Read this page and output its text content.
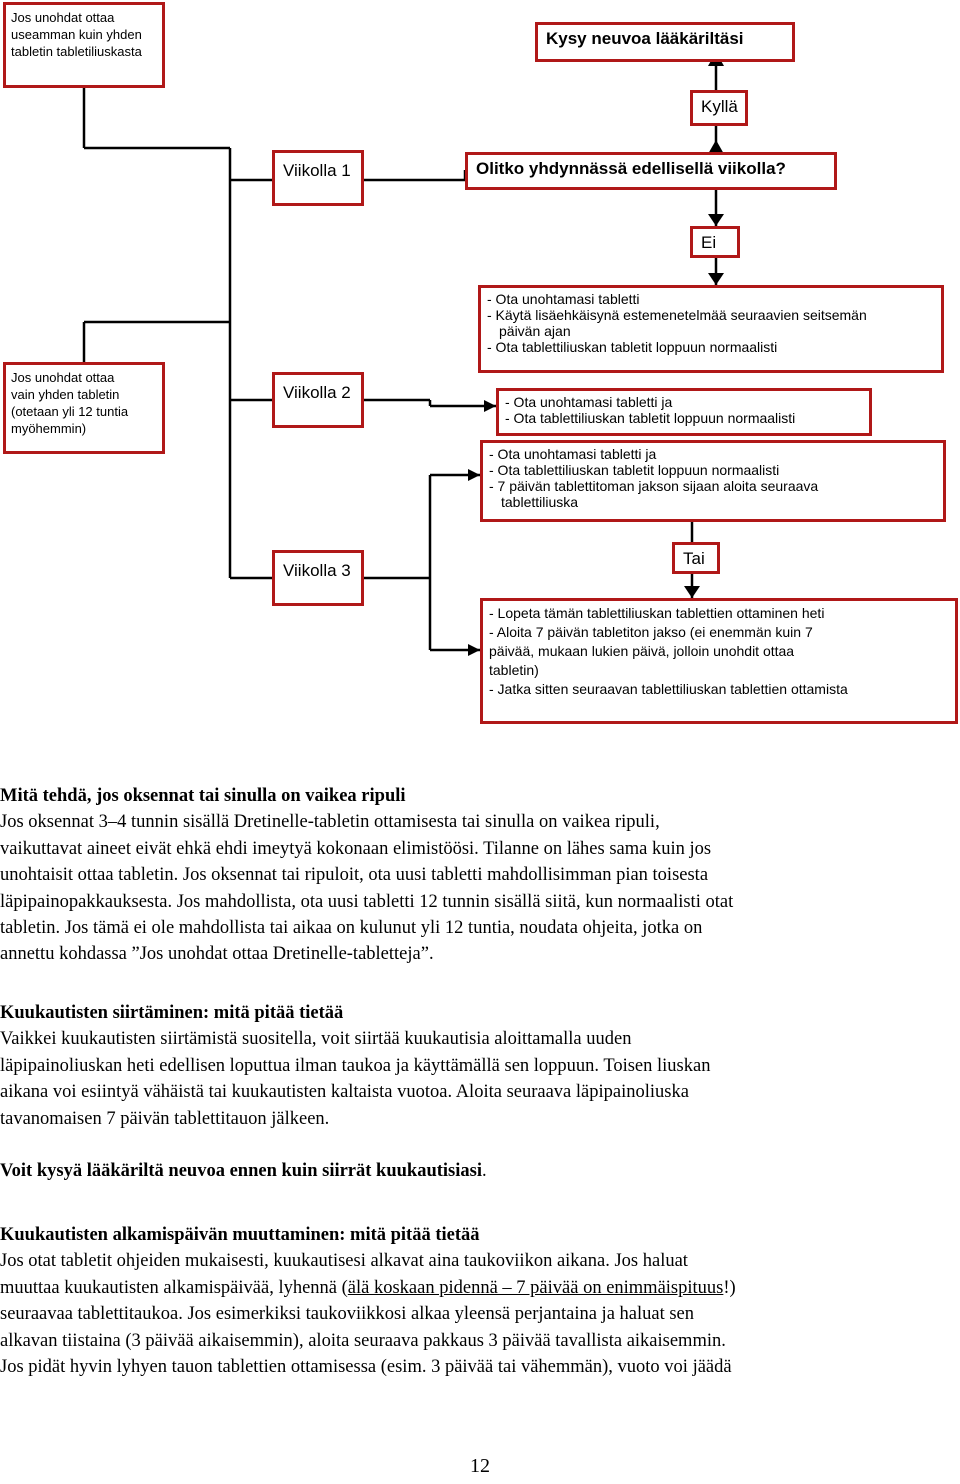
Jos unohdat ottaa
useamman kuin yhden
tabletin tabletiliuskasta
Kysy neuvoa lääkäriltäsi
Kyllä
Olitko yhdynnässä edellisellä viikolla?
Ei
Viikolla 1
- Ota unohtamasi tabletti
- Käytä lisäehkäisynä estemenetelmää seuraavien seitsemän
päivän ajan
- Ota tablettiliuskan tabletit loppuun normaalisti
Jos unohdat ottaa
vain yhden tabletin
(otetaan yli 12 tuntia
myöhemmin)
Viikolla 2	- Ota unohtamasi tabletti ja
- Ota tablettiliuskan tabletit loppuun normaalisti
- Ota unohtamasi tabletti ja
- Ota tablettiliuskan tabletit loppuun normaalisti
- 7 päivän tablettitoman jakson sijaan aloita seuraava
tablettiliuska
Viikolla 3
Tai
- Lopeta tämän tablettiliuskan tablettien ottaminen heti
- Aloita 7 päivän tabletiton jakso (ei enemmän kuin 7
päivää, mukaan lukien päivä, jolloin unohdit ottaa
tabletin)
- Jatka sitten seuraavan tablettiliuskan tablettien ottamista

Mitä tehdä, jos oksennat tai sinulla on vaikea ripuli

Jos oksennat 3–4 tunnin sisällä Dretinelle-tabletin ottamisesta tai sinulla on vaikea ripuli,

vaikuttavat aineet eivät ehkä ehdi imeytyä kokonaan elimistöösi. Tilanne on lähes sama kuin jos

unohtaisit ottaa tabletin. Jos oksennat tai ripuloit, ota uusi tabletti mahdollisimman pian toisesta

läpipainopakkauksesta. Jos mahdollista, ota uusi tabletti 12 tunnin sisällä siitä, kun normaalisti otat

tabletin. Jos tämä ei ole mahdollista tai aikaa on kulunut yli 12 tuntia, noudata ohjeita, jotka on

annettu kohdassa ”Jos unohdat ottaa Dretinelle-tabletteja”.

Kuukautisten siirtäminen: mitä pitää tietää

Vaikkei kuukautisten siirtämistä suositella, voit siirtää kuukautisia aloittamalla uuden

läpipainoliuskan heti edellisen loputtua ilman taukoa ja käyttämällä sen loppuun. Toisen liuskan

aikana voi esiintyä vähäistä tai kuukautisten kaltaista vuotoa. Aloita seuraava läpipainoliuska

tavanomaisen 7 päivän tablettitauon jälkeen.

Voit kysyä lääkäriltä neuvoa ennen kuin siirrät kuukautisiasi.

Kuukautisten alkamispäivän muuttaminen: mitä pitää tietää

Jos otat tabletit ohjeiden mukaisesti, kuukautisesi alkavat aina taukoviikon aikana. Jos haluat

muuttaa kuukautisten alkamispäivää, lyhennä (älä koskaan pidennä – 7 päivää on enimmäispituus!)

seuraavaa tablettitaukoa. Jos esimerkiksi taukoviikkosi alkaa yleensä perjantaina ja haluat sen

alkavan tiistaina (3 päivää aikaisemmin), aloita seuraava pakkaus 3 päivää tavallista aikaisemmin.

Jos pidät hyvin lyhyen tauon tablettien ottamisessa (esim. 3 päivää tai vähemmän), vuoto voi jäädä

12
